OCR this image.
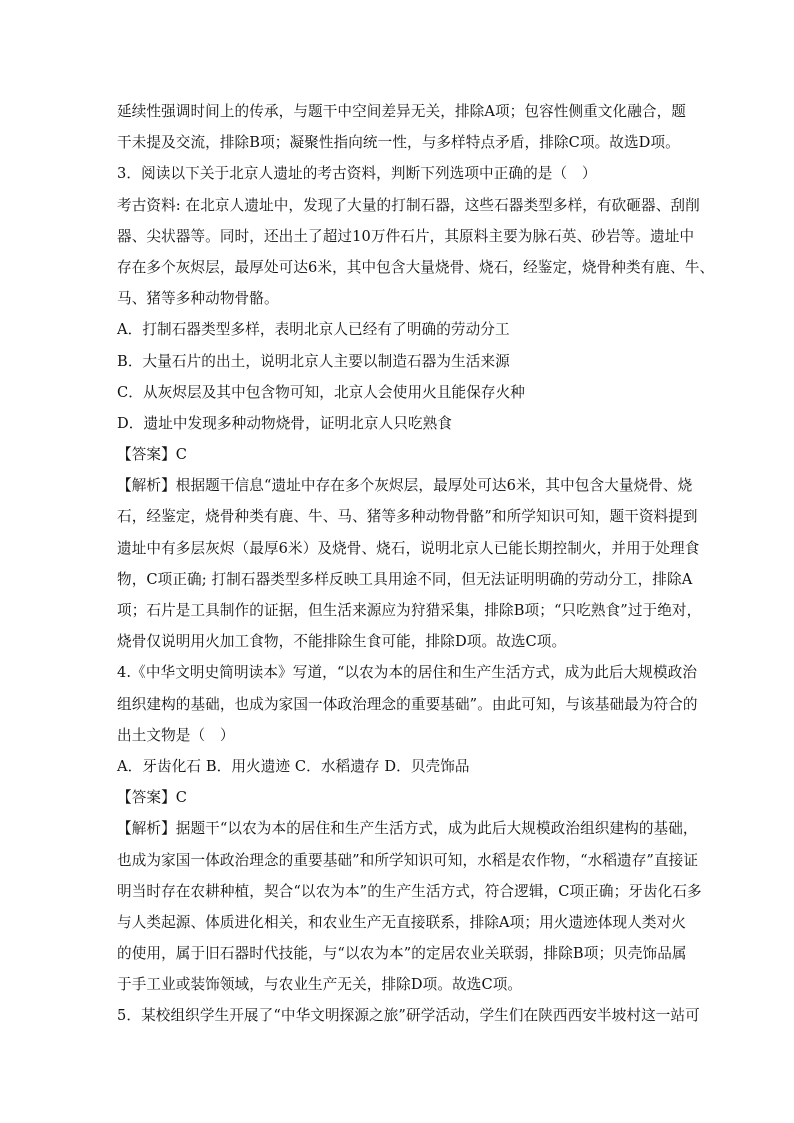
延续性强调时间上的传承，与题干中空间差异无关，排除A项；包容性侧重文化融合，题
干未提及交流，排除B项；凝聚性指向统一性，与多样特点矛盾，排除C项。故选D项。
3．阅读以下关于北京人遗址的考古资料，判断下列选项中正确的是（　）
考古资料: 在北京人遗址中，发现了大量的打制石器，这些石器类型多样，有砍砸器、刮削
器、尖状器等。同时，还出土了超过10万件石片，其原料主要为脉石英、砂岩等。遗址中
存在多个灰烬层，最厚处可达6米，其中包含大量烧骨、烧石，经鉴定，烧骨种类有鹿、牛、
马、猪等多种动物骨骼。
A．打制石器类型多样，表明北京人已经有了明确的劳动分工
B．大量石片的出土，说明北京人主要以制造石器为生活来源
C．从灰烬层及其中包含物可知，北京人会使用火且能保存火种
D．遗址中发现多种动物烧骨，证明北京人只吃熟食
【答案】C
【解析】根据题干信息“遗址中存在多个灰烬层，最厚处可达6米，其中包含大量烧骨、烧
石，经鉴定，烧骨种类有鹿、牛、马、猪等多种动物骨骼”和所学知识可知，题干资料提到
遗址中有多层灰烬（最厚6米）及烧骨、烧石，说明北京人已能长期控制火，并用于处理食
物，C项正确; 打制石器类型多样反映工具用途不同，但无法证明明确的劳动分工，排除A
项；石片是工具制作的证据，但生活来源应为狩猎采集，排除B项；“只吃熟食”过于绝对，
烧骨仅说明用火加工食物，不能排除生食可能，排除D项。故选C项。
4.《中华文明史简明读本》写道，“以农为本的居住和生产生活方式，成为此后大规模政治
组织建构的基础，也成为家国一体政治理念的重要基础”。由此可知，与该基础最为符合的
出土文物是（　）
A．牙齿化石 B．用火遗迹 C．水稻遗存 D．贝壳饰品
【答案】C
【解析】据题干“以农为本的居住和生产生活方式，成为此后大规模政治组织建构的基础，
也成为家国一体政治理念的重要基础”和所学知识可知，水稻是农作物，“水稻遗存”直接证
明当时存在农耕种植，契合“以农为本”的生产生活方式，符合逻辑，C项正确；牙齿化石多
与人类起源、体质进化相关，和农业生产无直接联系，排除A项；用火遗迹体现人类对火
的使用，属于旧石器时代技能，与“以农为本”的定居农业关联弱，排除B项；贝壳饰品属
于手工业或装饰领域，与农业生产无关，排除D项。故选C项。
5．某校组织学生开展了“中华文明探源之旅”研学活动，学生们在陕西西安半坡村这一站可
